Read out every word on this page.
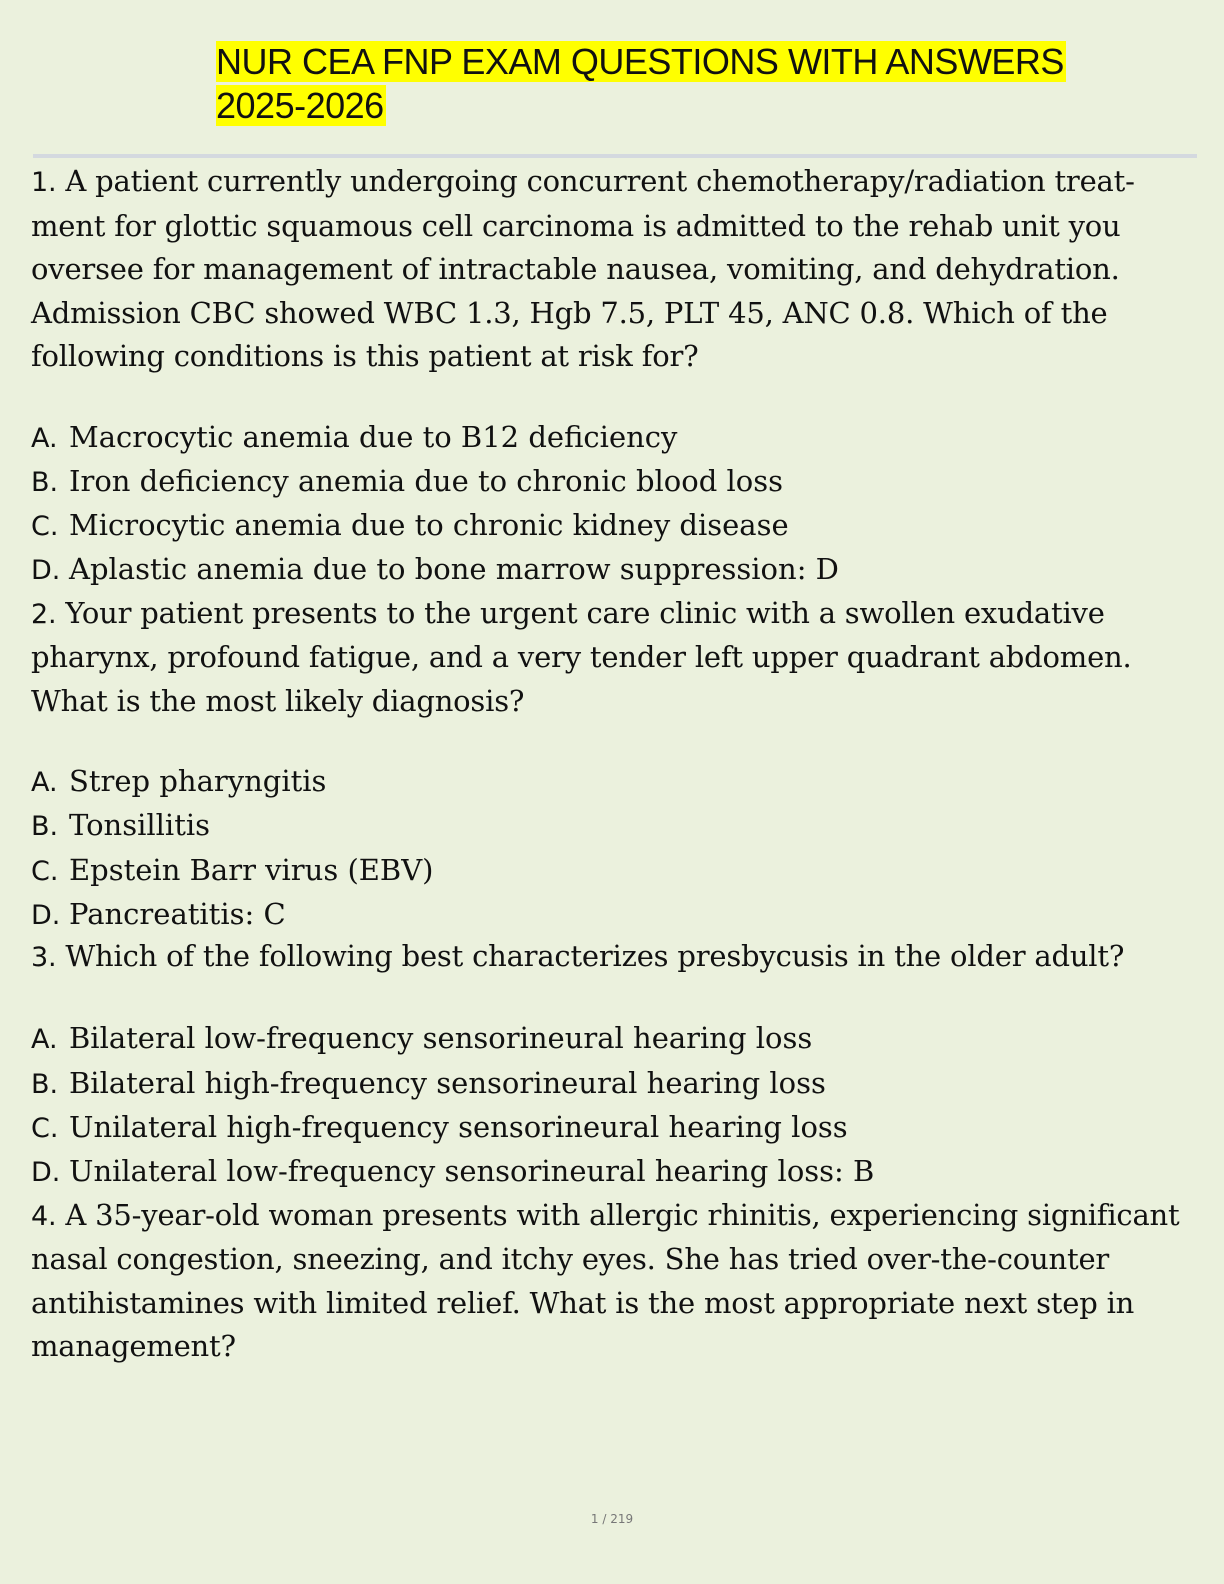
NUR CEA FNP EXAM QUESTIONS WITH ANSWERS
2025-2026

1. A patient currently undergoing concurrent chemotherapy/radiation treat- ment for glottic squamous cell carcinoma is admitted to the rehab unit you oversee for management of intractable nausea, vomiting, and dehydration. Admission CBC showed WBC 1.3, Hgb 7.5, PLT 45, ANC 0.8. Which of the following conditions is this patient at risk for?

A. Macrocytic anemia due to B12 deficiency
B. Iron deficiency anemia due to chronic blood loss
C. Microcytic anemia due to chronic kidney disease
D. Aplastic anemia due to bone marrow suppression: D

2. Your patient presents to the urgent care clinic with a swollen exudative pharynx, profound fatigue, and a very tender left upper quadrant abdomen. What is the most likely diagnosis?

A. Strep pharyngitis
B. Tonsillitis
C. Epstein Barr virus (EBV)
D. Pancreatitis: C

3. Which of the following best characterizes presbycusis in the older adult?

A. Bilateral low-frequency sensorineural hearing loss
B. Bilateral high-frequency sensorineural hearing loss
C. Unilateral high-frequency sensorineural hearing loss
D. Unilateral low-frequency sensorineural hearing loss: B

4. A 35-year-old woman presents with allergic rhinitis, experiencing significant nasal congestion, sneezing, and itchy eyes. She has tried over-the-counter antihistamines with limited relief. What is the most appropriate next step in management?

1 / 219
